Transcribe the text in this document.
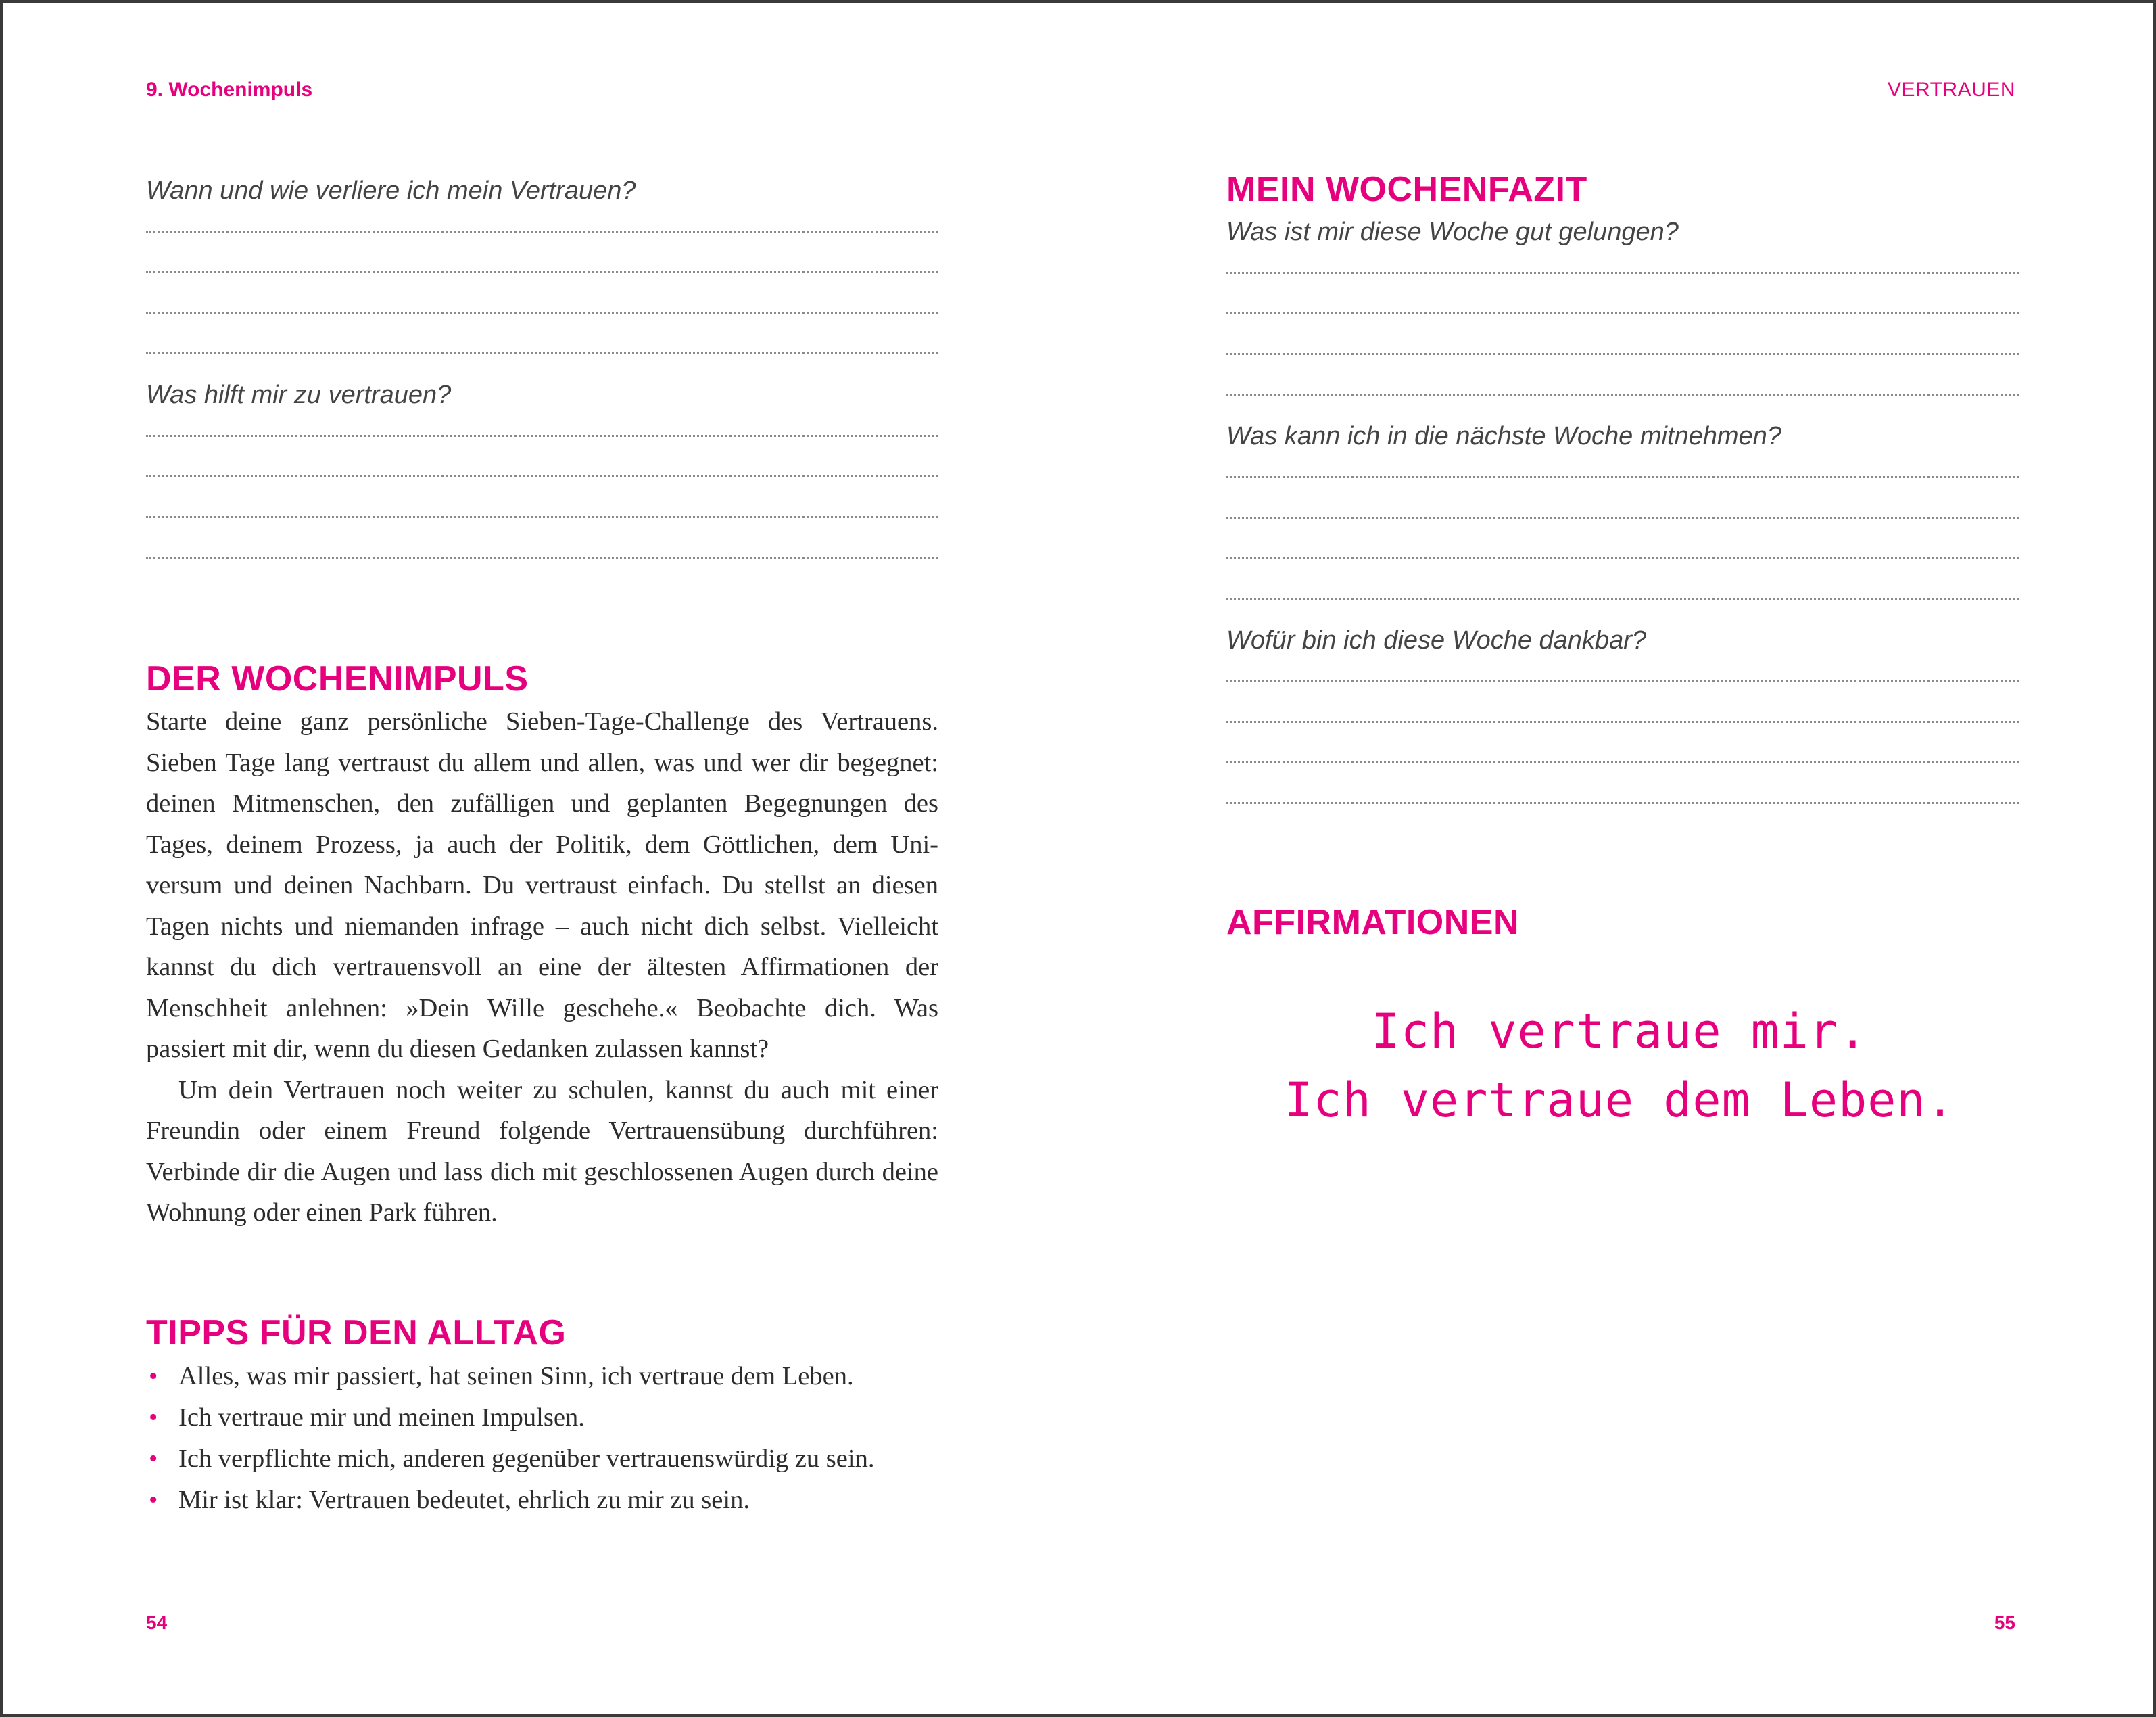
9. Wochenimpuls
Wann und wie verliere ich mein Vertrauen?
Was hilft mir zu vertrauen?
DER WOCHENIMPULS

Starte deine ganz persönliche Sieben-Tage-Challenge des Vertrauens. Sieben Tage lang vertraust du allem und allen, was und wer dir begegnet: deinen Mitmenschen, den zufälligen und geplanten Begegnungen des Tages, deinem Prozess, ja auch der Politik, dem Göttlichen, dem Universum und deinen Nachbarn. Du vertraust einfach. Du stellst an diesen Tagen nichts und niemanden infrage – auch nicht dich selbst. Vielleicht kannst du dich vertrauensvoll an eine der ältesten Affirmationen der Menschheit anlehnen: »Dein Wille geschehe.« Beobachte dich. Was passiert mit dir, wenn du diesen Gedanken zulassen kannst?

Um dein Vertrauen noch weiter zu schulen, kannst du auch mit einer Freundin oder einem Freund folgende Vertrauensübung durchführen: Verbinde dir die Augen und lass dich mit geschlossenen Augen durch deine Wohnung oder einen Park führen.

TIPPS FÜR DEN ALLTAG
• Alles, was mir passiert, hat seinen Sinn, ich vertraue dem Leben.
• Ich vertraue mir und meinen Impulsen.
• Ich verpflichte mich, anderen gegenüber vertrauenswürdig zu sein.
• Mir ist klar: Vertrauen bedeutet, ehrlich zu mir zu sein.
54
VERTRAUEN
MEIN WOCHENFAZIT
Was ist mir diese Woche gut gelungen?
Was kann ich in die nächste Woche mitnehmen?
Wofür bin ich diese Woche dankbar?
AFFIRMATIONEN
Ich vertraue mir.
Ich vertraue dem Leben.
55
